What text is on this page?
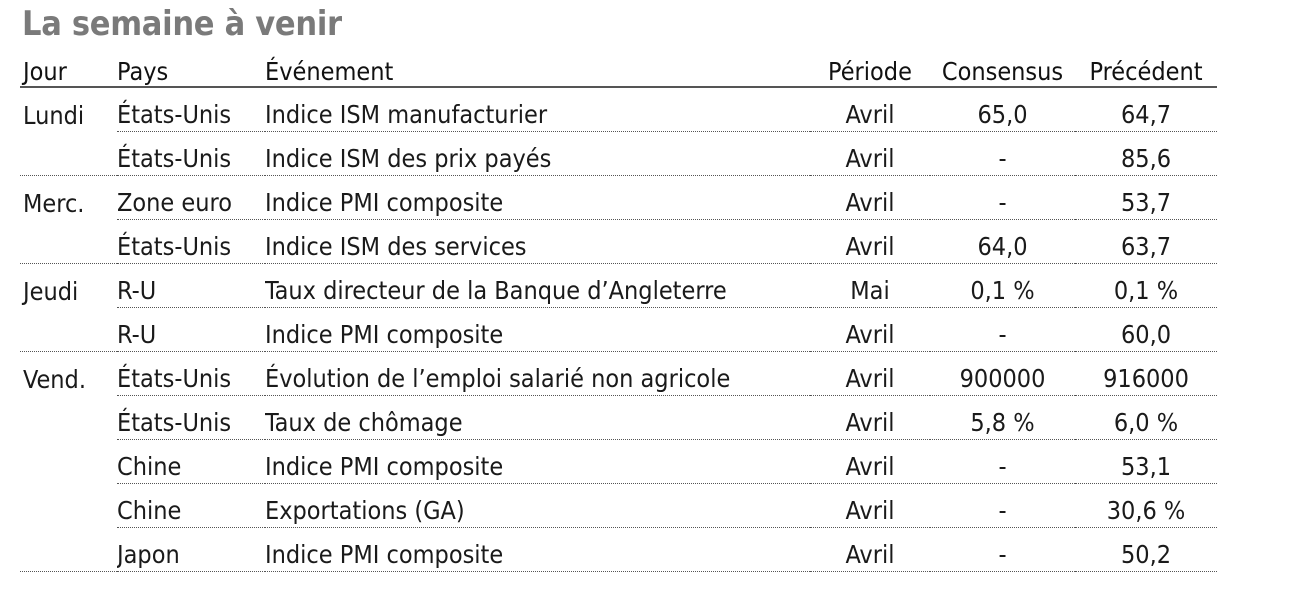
La semaine à venir
Jour	Pays	Événement	Période	Consensus	Précédent
Lundi	États-Unis	Indice ISM manufacturier	Avril	65,0	64,7
	États-Unis	Indice ISM des prix payés	Avril	-	85,6
Merc.	Zone euro	Indice PMI composite	Avril	-	53,7
	États-Unis	Indice ISM des services	Avril	64,0	63,7
Jeudi	R-U	Taux directeur de la Banque d’Angleterre	Mai	0,1 %	0,1 %
	R-U	Indice PMI composite	Avril	-	60,0
Vend.	États-Unis	Évolution de l’emploi salarié non agricole	Avril	900000	916000
	États-Unis	Taux de chômage	Avril	5,8 %	6,0 %
	Chine	Indice PMI composite	Avril	-	53,1
	Chine	Exportations (GA)	Avril	-	30,6 %
	Japon	Indice PMI composite	Avril	-	50,2
